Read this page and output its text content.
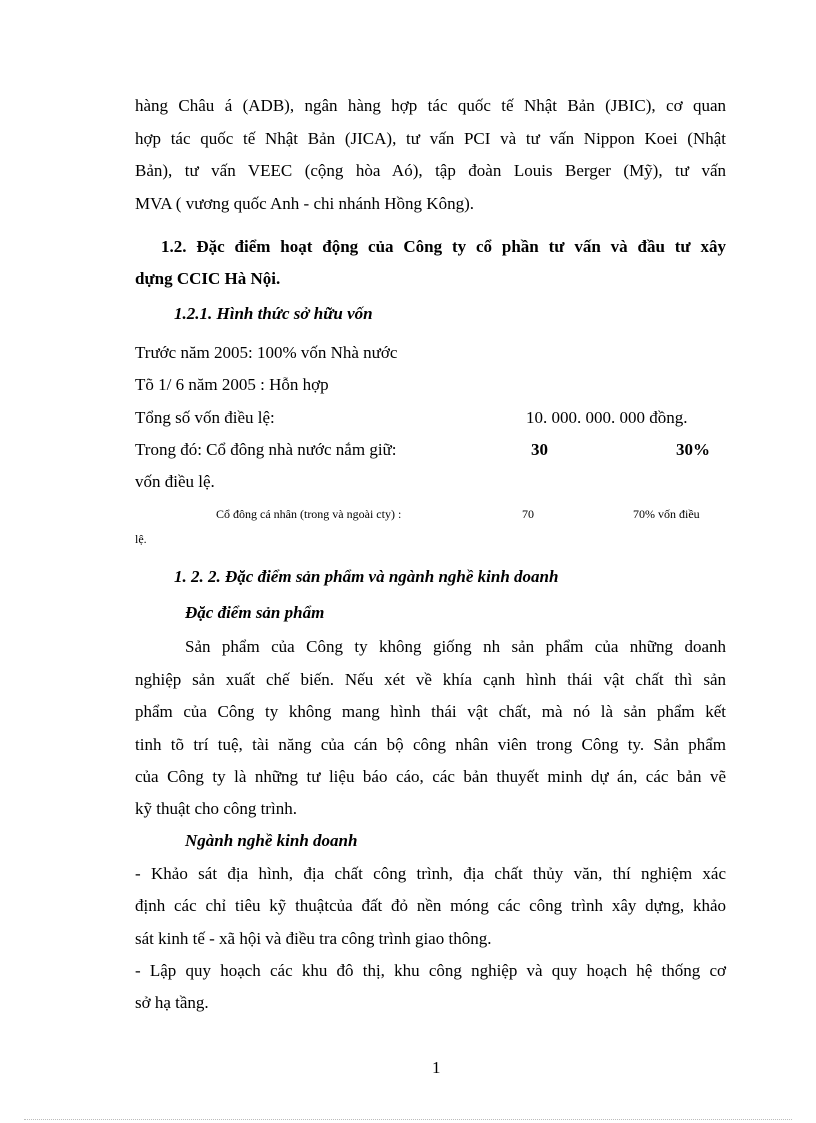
hàng Châu á (ADB), ngân hàng hợp tác quốc tế Nhật Bản (JBIC), cơ quan
hợp tác quốc tế Nhật Bản (JICA), tư vấn PCI và tư vấn Nippon Koei (Nhật
Bản), tư vấn VEEC (cộng hòa Aó), tập đoàn Louis Berger (Mỹ), tư vấn
MVA ( vương quốc Anh - chi nhánh Hồng Kông).
1.2. Đặc điểm hoạt động của Công ty cổ phần tư vấn và đầu tư xây
dựng CCIC Hà Nội.
1.2.1. Hình thức sở hữu vốn
Trước năm 2005: 100% vốn Nhà nước
Tõ 1/ 6 năm 2005 : Hỗn hợp
Tổng số vốn điều lệ:	10. 000. 000. 000 đồng.
Trong đó: Cổ đông nhà nước nắm giữ:	30	30%
vốn điều lệ.
Cổ đông cá nhân (trong và ngoài cty) :	70	70% vốn điều
lệ.
1. 2. 2. Đặc điểm sản phẩm và ngành nghề kinh doanh
Đặc điểm sản phẩm
Sản phẩm của Công ty không giống nh sản phẩm của những doanh
nghiệp sản xuất chế biến. Nếu xét về khía cạnh hình thái vật chất thì sản
phẩm của Công ty không mang hình thái vật chất, mà nó là sản phẩm kết
tinh tõ trí tuệ, tài năng của cán bộ công nhân viên trong Công ty. Sản phẩm
của Công ty là những tư liệu báo cáo, các bản thuyết minh dự án, các bản vẽ
kỹ thuật cho công trình.
Ngành nghề kinh doanh
- Khảo sát địa hình, địa chất công trình, địa chất thủy văn, thí nghiệm xác
định các chỉ tiêu kỹ thuậtcủa đất đỏ nền móng các công trình xây dựng, khảo
sát kinh tế - xã hội và điều tra công trình giao thông.
- Lập quy hoạch các khu đô thị, khu công nghiệp và quy hoạch hệ thống cơ
sở hạ tầng.
1
